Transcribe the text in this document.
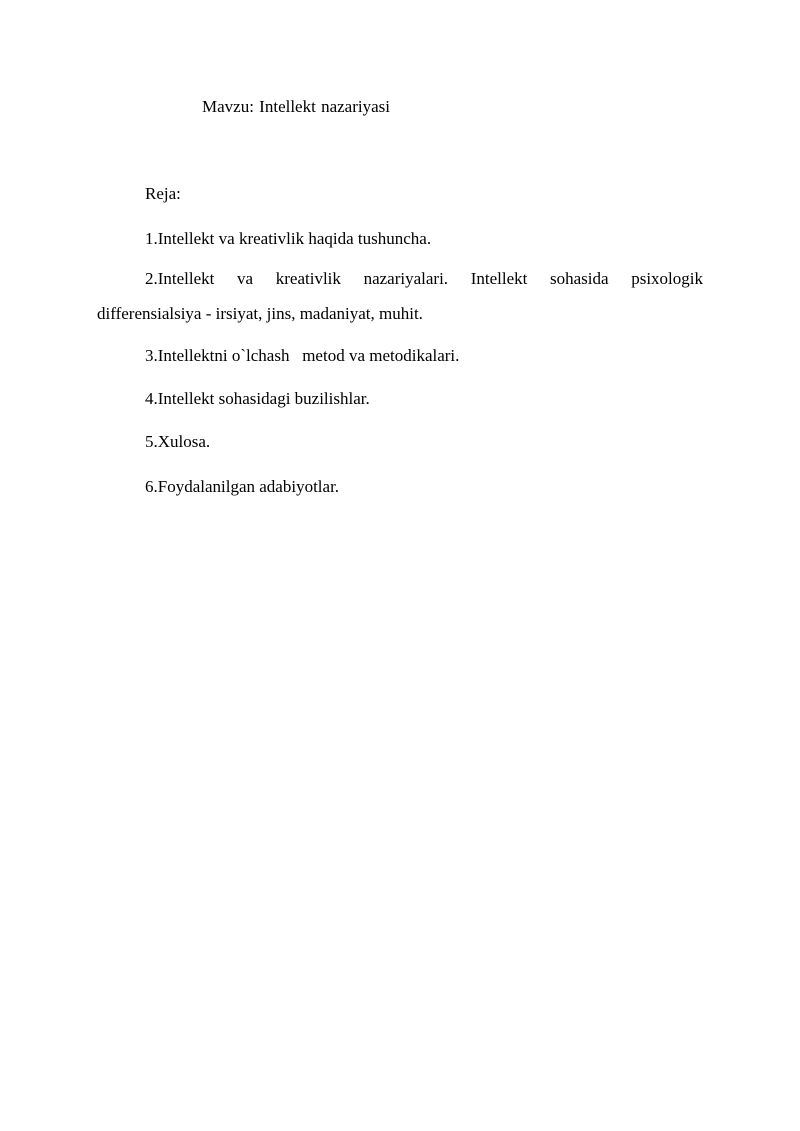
Mavzu: Intellekt nazariyasi
Reja:
1.Intellekt va kreativlik haqida tushuncha.
2.Intellekt va kreativlik nazariyalari. Intellekt sohasida psixologik
differensialsiya - irsiyat, jins, madaniyat, muhit.
3.Intellektni o`lchash   metod va metodikalari.
4.Intellekt sohasidagi buzilishlar.
5.Xulosa.
6.Foydalanilgan adabiyotlar.
